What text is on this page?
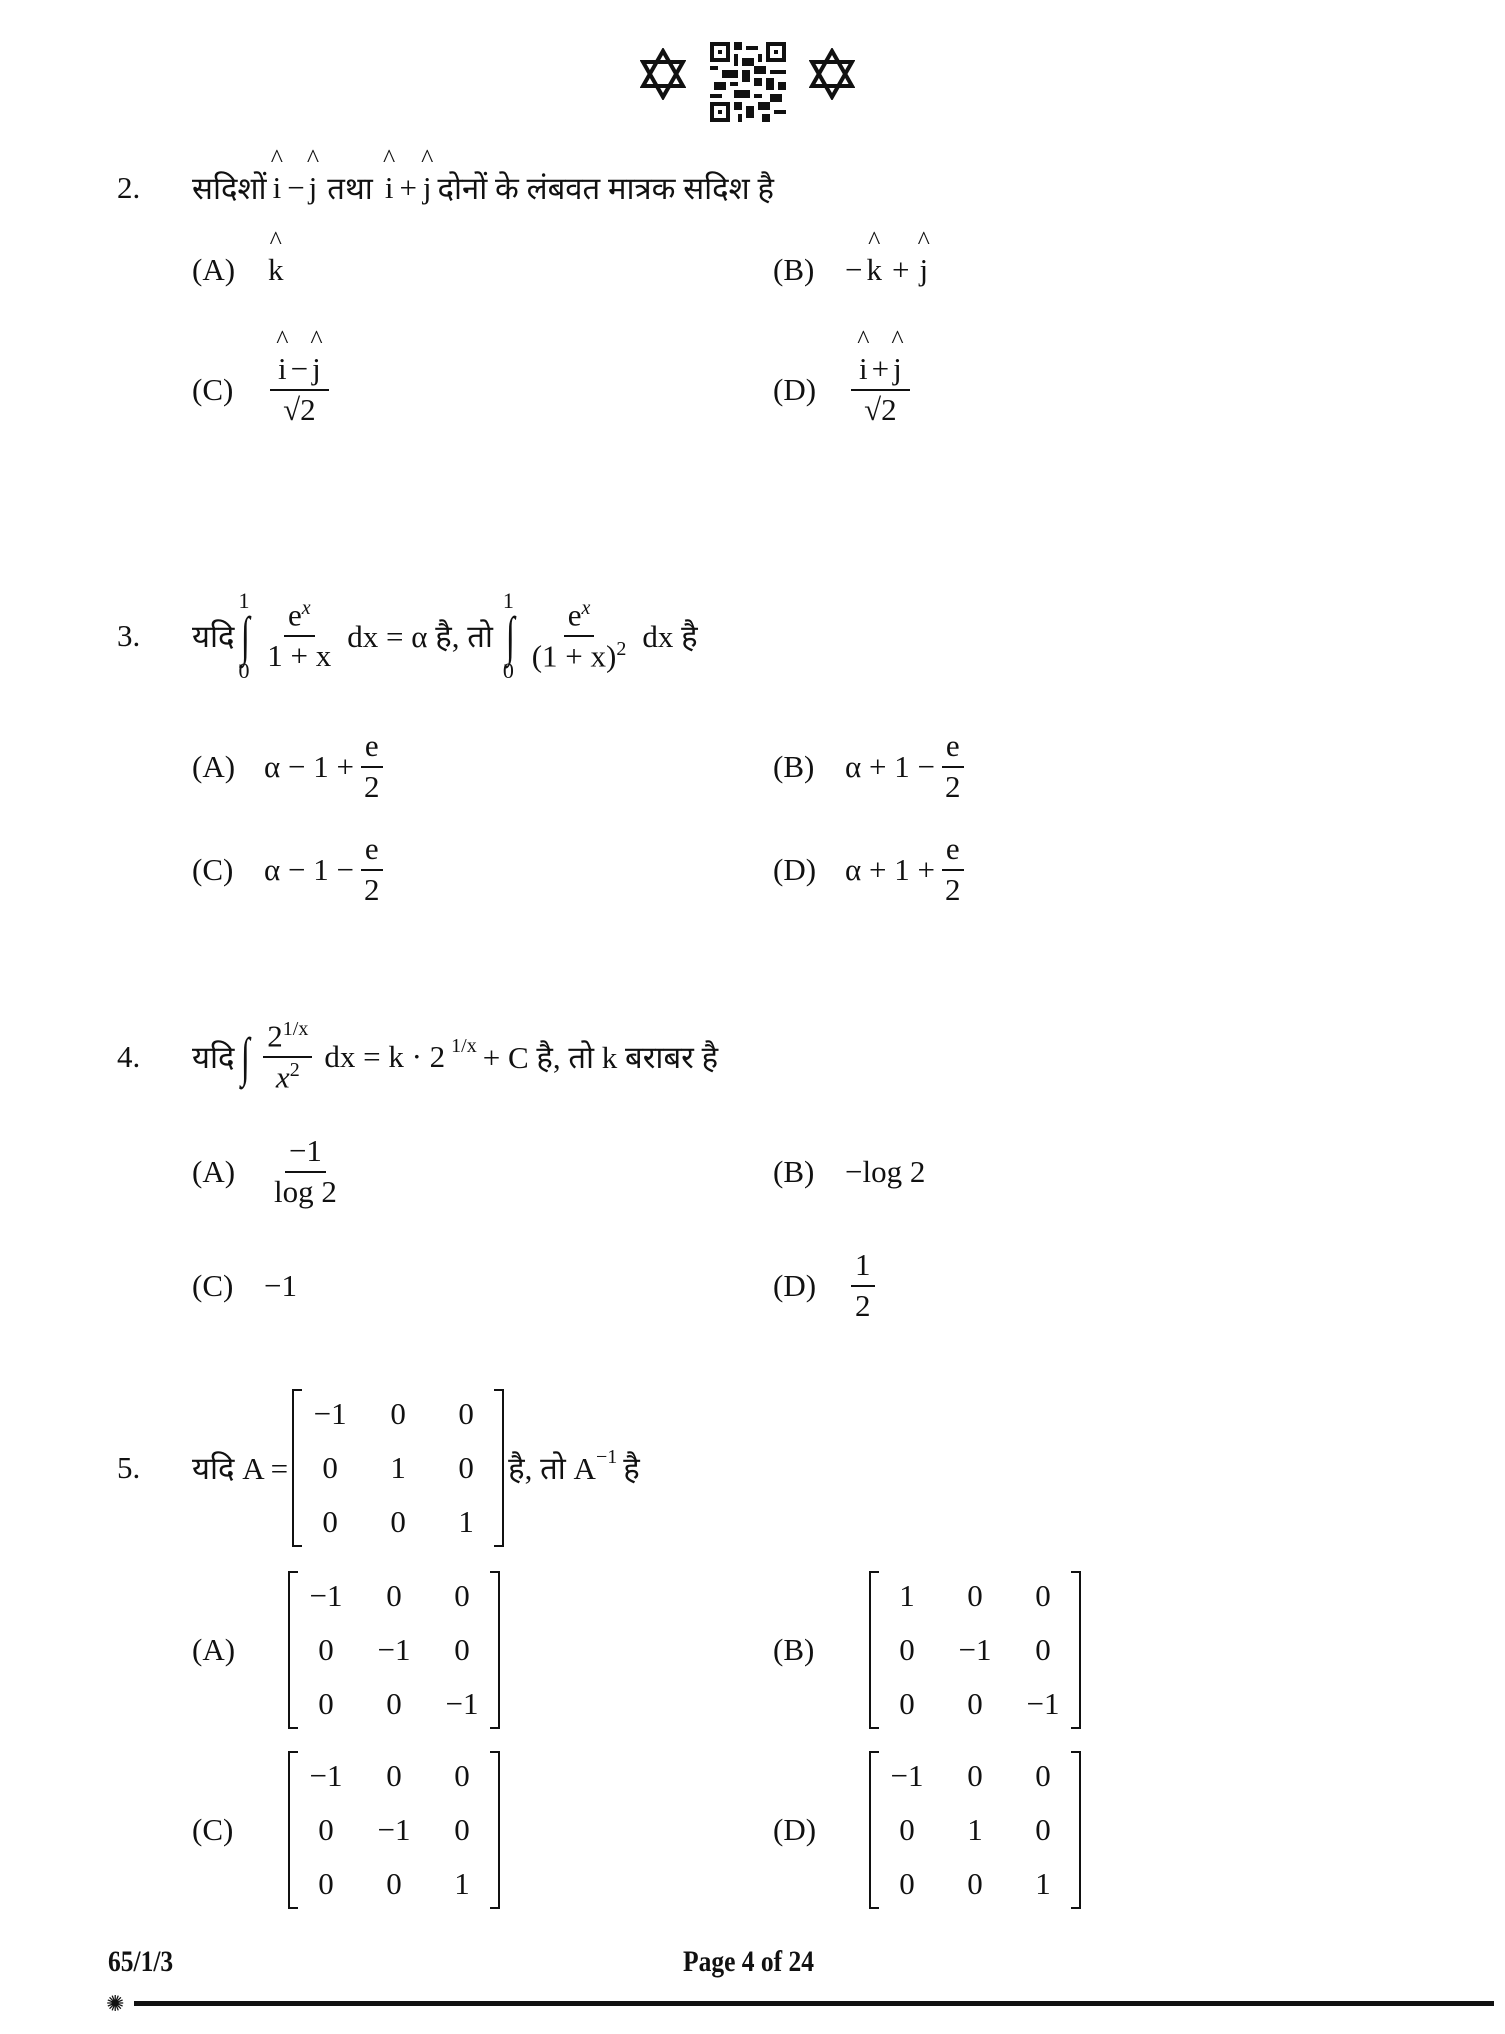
2.	सदिशों ^ i − ^ j तथा ^ i + ^ j दोनों के लंबवत मात्रक सदिश है
(A)	^ k	(B) − ^ k + ^ j
(C)	^ $\frac{i - \^{} j}{√2}$	(D)	^ $\frac{i + \^{} j}{√2}$
3.	यदि
1
∫
$0 \frac{e^x}{1 + x}$ dx = α है, तो
1
∫
$0 \frac{e^x}{(1 + x)^2}$ dx है
(A) $\alpha - 1 + \frac{e}{2}$	(B) $\alpha + 1 - \frac{e}{2}$
(C) $\alpha - 1 - \frac{e}{2}$	(D) $\alpha + 1 + \frac{e}{2}$
4.	यदि ∫ $\frac{2^{1/x}}{x^2}$ dx = k · 2 $^{1/x}$ + C है, तो k बराबर है
(A)	$\frac{-1}{\log 2}$	(B) −log 2
(C) −1	(D)	$\frac{1}{2}$
5.	यदि A =
−1	0	0
0	1	0
0	0	1
है, तो $A^{-1}$ है
(A)
−1	0	0
0	−1	0
0	0	−1
(B)
1	0	0
0	−1	0
0	0	−1
(C)
−1	0	0
0	−1	0
0	0	1
(D)
−1	0	0
0	1	0
0	0	1
65/1/3	Page 4 of 24
✺
